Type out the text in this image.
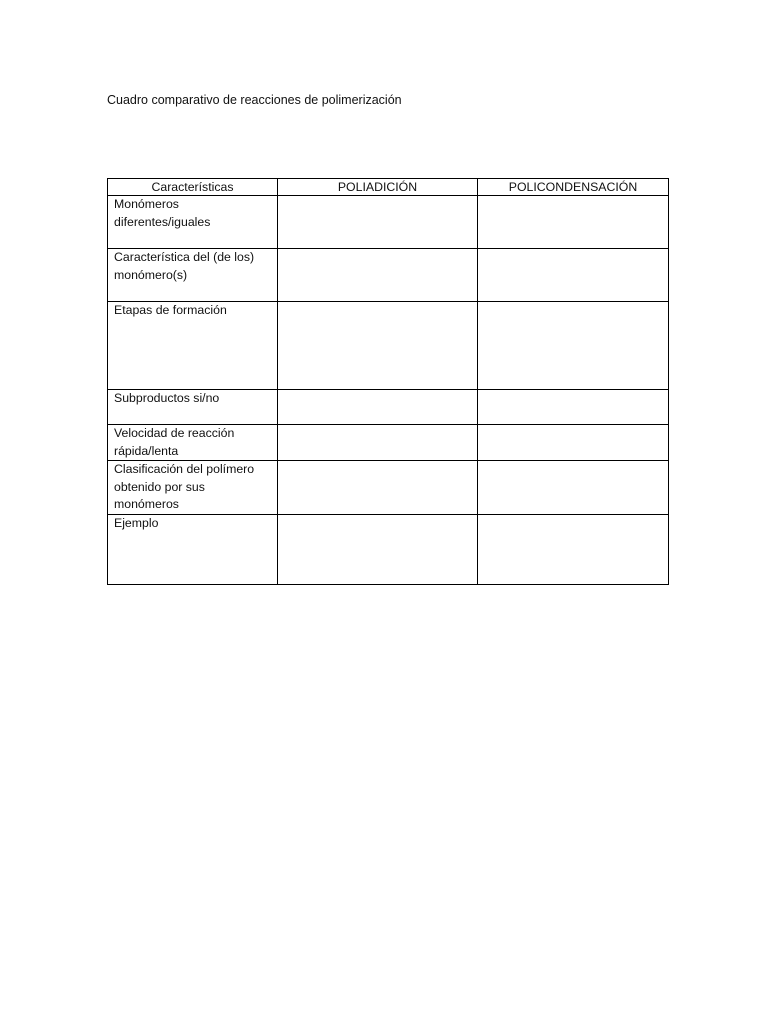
Cuadro comparativo de reacciones de polimerización
Características	POLIADICIÓN	POLICONDENSACIÓN

Monómeros
diferentes/iguales		

Característica del (de los)
monómero(s)		

Etapas de formación		

Subproductos si/no		

Velocidad de reacción
rápida/lenta		

Clasificación del polímero
obtenido por sus
monómeros		

Ejemplo		
